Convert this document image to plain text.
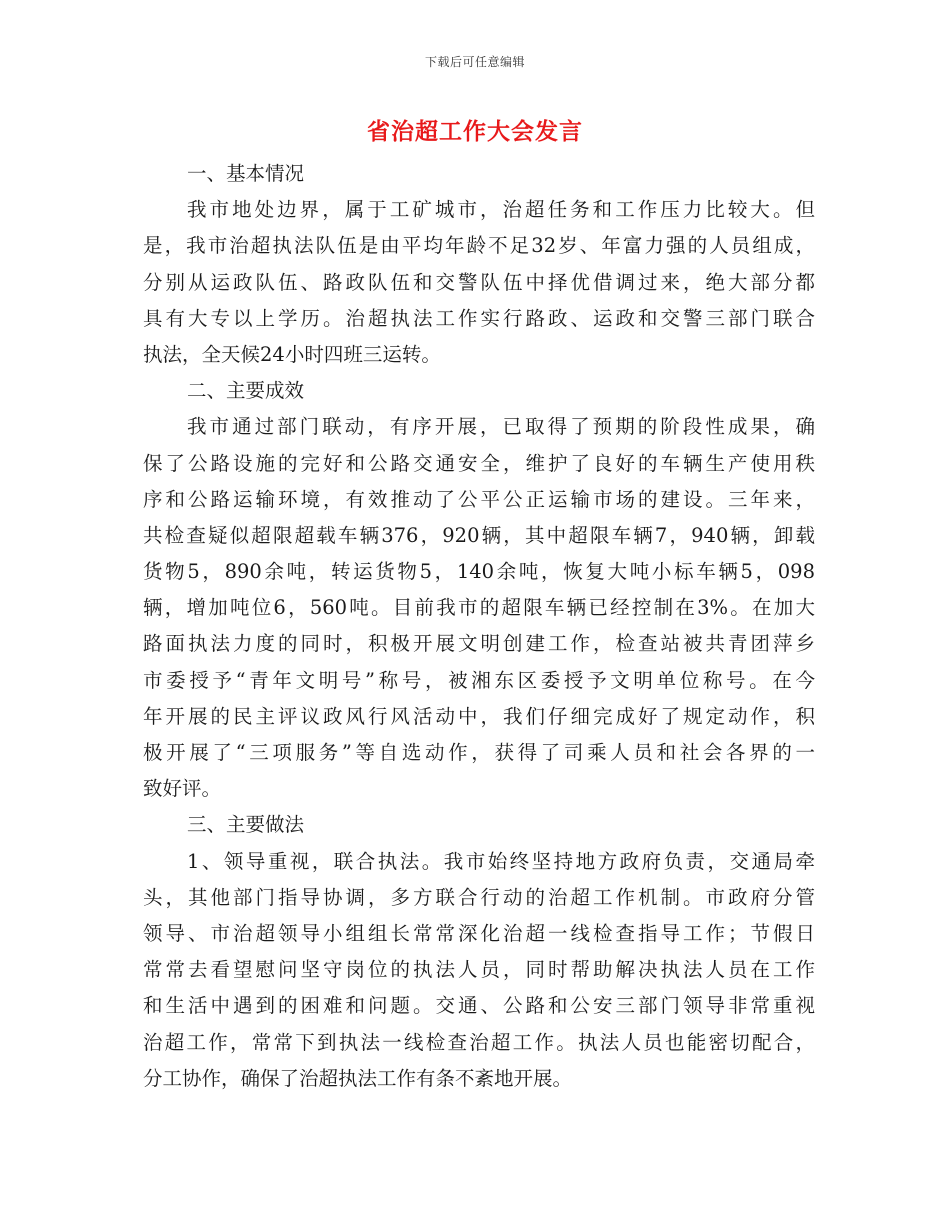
下载后可任意编辑
省治超工作大会发言
一、基本情况
我市地处边界，属于工矿城市，治超任务和工作压力比较大。但
是，我市治超执法队伍是由平均年龄不足32岁、年富力强的人员组成，
分别从运政队伍、路政队伍和交警队伍中择优借调过来，绝大部分都
具有大专以上学历。治超执法工作实行路政、运政和交警三部门联合
执法，全天候24小时四班三运转。
二、主要成效
我市通过部门联动，有序开展，已取得了预期的阶段性成果，确
保了公路设施的完好和公路交通安全，维护了良好的车辆生产使用秩
序和公路运输环境，有效推动了公平公正运输市场的建设。三年来，
共检查疑似超限超载车辆376，920辆，其中超限车辆7，940辆，卸载
货物5，890余吨，转运货物5，140余吨，恢复大吨小标车辆5，098
辆，增加吨位6，560吨。目前我市的超限车辆已经控制在3%。在加大
路面执法力度的同时，积极开展文明创建工作，检查站被共青团萍乡
市委授予“青年文明号”称号，被湘东区委授予文明单位称号。在今
年开展的民主评议政风行风活动中，我们仔细完成好了规定动作，积
极开展了“三项服务”等自选动作，获得了司乘人员和社会各界的一
致好评。
三、主要做法
1、领导重视，联合执法。我市始终坚持地方政府负责，交通局牵
头，其他部门指导协调，多方联合行动的治超工作机制。市政府分管
领导、市治超领导小组组长常常深化治超一线检查指导工作；节假日
常常去看望慰问坚守岗位的执法人员，同时帮助解决执法人员在工作
和生活中遇到的困难和问题。交通、公路和公安三部门领导非常重视
治超工作，常常下到执法一线检查治超工作。执法人员也能密切配合，
分工协作，确保了治超执法工作有条不紊地开展。
